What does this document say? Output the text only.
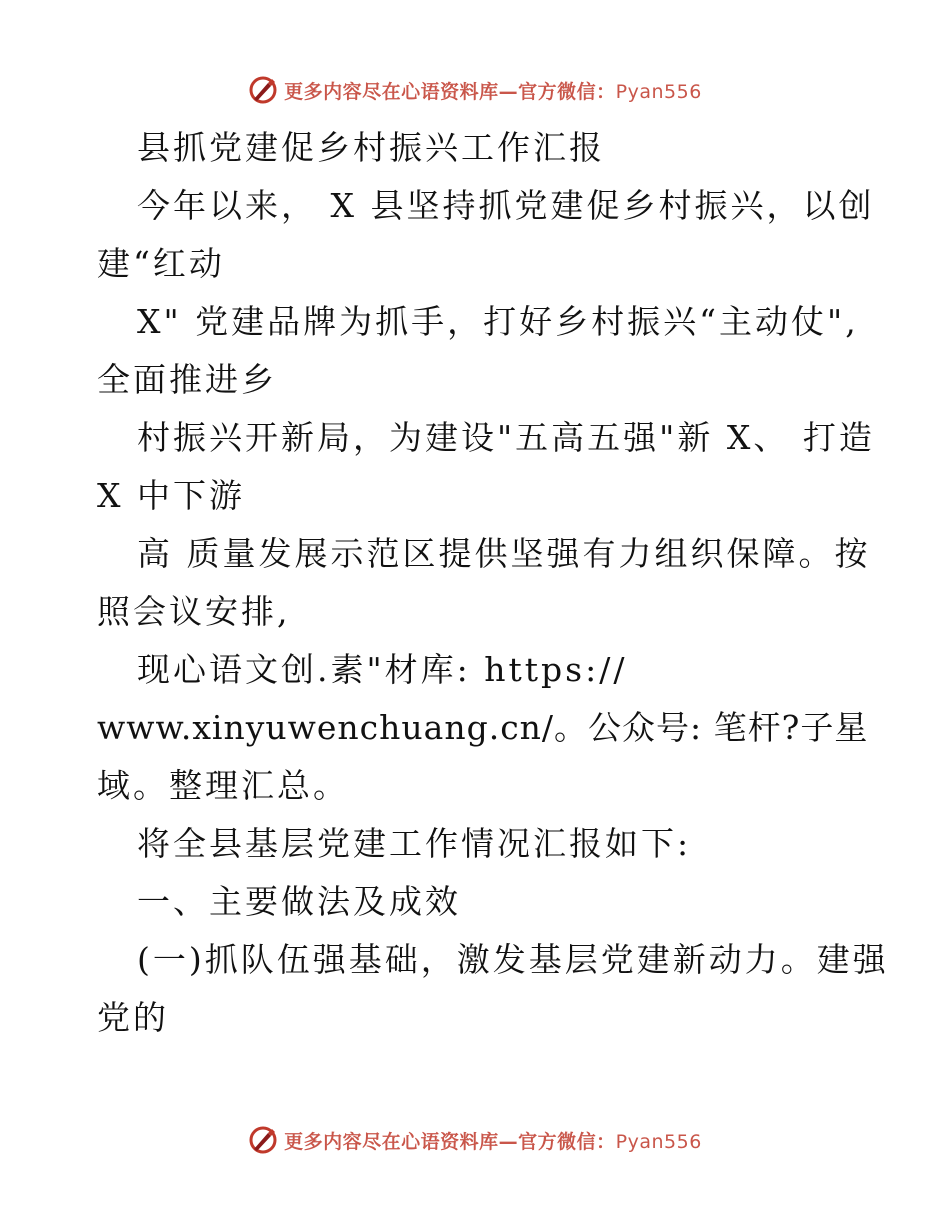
更多内容尽在心语资料库—官方微信：Pyan556
县抓党建促乡村振兴工作汇报
今年以来， X 县坚持抓党建促乡村振兴，以创
建“红动
X" 党建品牌为抓手，打好乡村振兴“主动仗",
全面推进乡
村振兴开新局，为建设"五高五强"新 X、 打造
X 中下游
高 质量发展示范区提供坚强有力组织保障。按
照会议安排,
现心语文创.素"材库: https://
www.xinyuwenchuang.cn/。公众号: 笔杆?子星
域。整理汇总。
将全县基层党建工作情况汇报如下:
一、主要做法及成效
(一)抓队伍强基础，激发基层党建新动力。建强
党的
更多内容尽在心语资料库—官方微信：Pyan556
